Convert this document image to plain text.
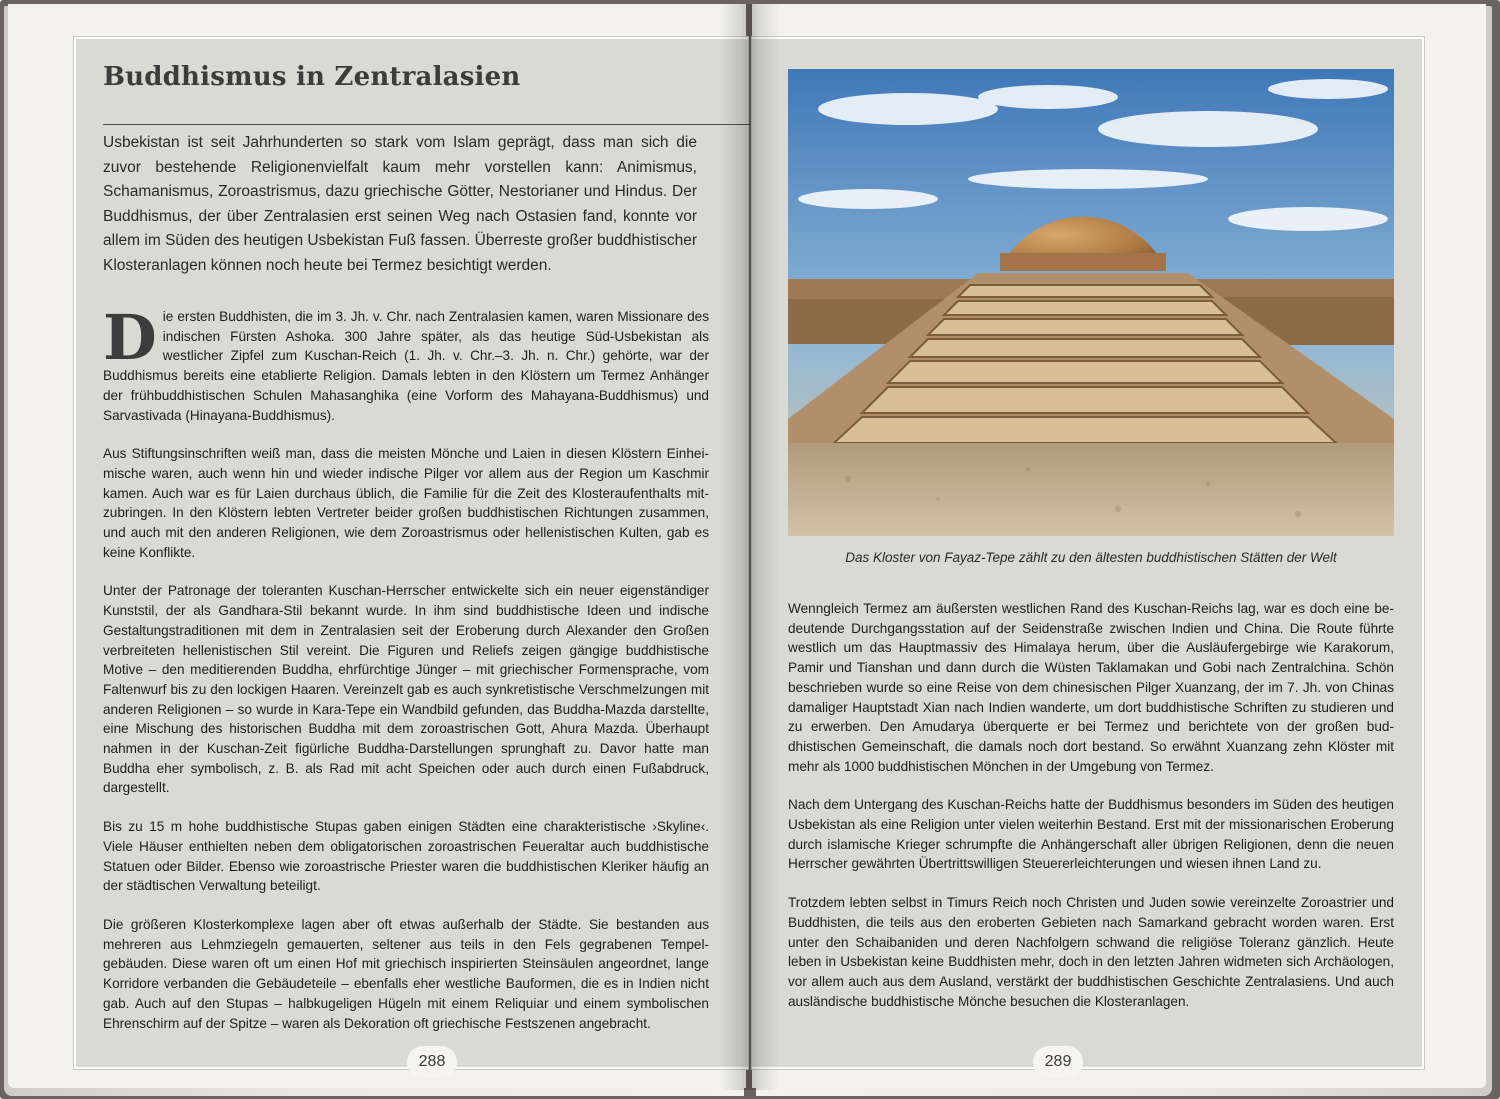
Buddhismus in Zentralasien

Usbekistan ist seit Jahrhunderten so stark vom Islam geprägt, dass man sich die zuvor bestehende Religionenvielfalt kaum mehr vorstellen kann: Animismus, Schamanismus, Zoroastrismus, dazu griechische Götter, Nestorianer und Hindus. Der Buddhismus, der über Zentralasien erst seinen Weg nach Ostasien fand, konnte vor allem im Süden des heutigen Usbekistan Fuß fassen. Überreste großer buddhistischer Klosteranlagen können noch heute bei Termez besichtigt werden.

D ie ersten Buddhisten, die im 3. Jh. v. Chr. nach Zentralasien kamen, waren Missionare des indischen Fürsten Ashoka. 300 Jahre später, als das heutige Süd-Usbekistan als westlicher Zipfel zum Kuschan-Reich (1. Jh. v. Chr.–3. Jh. n. Chr.) gehörte, war der Buddhismus bereits eine etablierte Religion. Damals lebten in den Klöstern um Termez Anhänger der frühbuddhistischen Schulen Mahasanghika (eine Vorform des Mahayana-Buddhismus) und Sarvastivada (Hinayana-Buddhismus).

Aus Stiftungsinschriften weiß man, dass die meisten Mönche und Laien in diesen Klöstern Einheimische waren, auch wenn hin und wieder indische Pilger vor allem aus der Region um Kaschmir kamen. Auch war es für Laien durchaus üblich, die Familie für die Zeit des Klosteraufenthalts mitzubringen. In den Klöstern lebten Vertreter beider großen buddhistischen Richtungen zusammen, und auch mit den anderen Religionen, wie dem Zoroastrismus oder hellenistischen Kulten, gab es keine Konflikte.

Unter der Patronage der toleranten Kuschan-Herrscher entwickelte sich ein neuer eigenständiger Kunststil, der als Gandhara-Stil bekannt wurde. In ihm sind buddhistische Ideen und indische Gestaltungstraditionen mit dem in Zentralasien seit der Eroberung durch Alexander den Großen verbreiteten hellenistischen Stil vereint. Die Figuren und Reliefs zeigen gängige buddhistische Motive – den meditierenden Buddha, ehrfürchtige Jünger – mit griechischer Formensprache, vom Faltenwurf bis zu den lockigen Haaren. Vereinzelt gab es auch synkretistische Verschmelzungen mit anderen Religionen – so wurde in Kara-Tepe ein Wandbild gefunden, das Buddha-Mazda darstellte, eine Mischung des historischen Buddha mit dem zoroastrischen Gott, Ahura Mazda. Überhaupt nahmen in der Kuschan-Zeit figürliche Buddha-Darstellungen sprunghaft zu. Davor hatte man Buddha eher symbolisch, z. B. als Rad mit acht Speichen oder auch durch einen Fußabdruck, dargestellt.

Bis zu 15 m hohe buddhistische Stupas gaben einigen Städten eine charakteristische ›Skyline‹. Viele Häuser enthielten neben dem obligatorischen zoroastrischen Feueraltar auch buddhistische Statuen oder Bilder. Ebenso wie zoroastrische Priester waren die buddhistischen Kleriker häufig an der städtischen Verwaltung beteiligt.

Die größeren Klosterkomplexe lagen aber oft etwas außerhalb der Städte. Sie bestanden aus mehreren aus Lehmziegeln gemauerten, seltener aus teils in den Fels gegrabenen Tempelgebäuden. Diese waren oft um einen Hof mit griechisch inspirierten Steinsäulen angeordnet, lange Korridore verbanden die Gebäudeteile – ebenfalls eher westliche Bauformen, die es in Indien nicht gab. Auch auf den Stupas – halbkugeligen Hügeln mit einem Reliquiar und einem symbolischen Ehrenschirm auf der Spitze – waren als Dekoration oft griechische Festszenen angebracht.

288

Das Kloster von Fayaz-Tepe zählt zu den ältesten buddhistischen Stätten der Welt

Wenngleich Termez am äußersten westlichen Rand des Kuschan-Reichs lag, war es doch eine bedeutende Durchgangsstation auf der Seidenstraße zwischen Indien und China. Die Route führte westlich um das Hauptmassiv des Himalaya herum, über die Ausläufergebirge wie Karakorum, Pamir und Tianshan und dann durch die Wüsten Taklamakan und Gobi nach Zentralchina. Schön beschrieben wurde so eine Reise von dem chinesischen Pilger Xuanzang, der im 7. Jh. von Chinas damaliger Hauptstadt Xian nach Indien wanderte, um dort buddhistische Schriften zu studieren und zu erwerben. Den Amudarya überquerte er bei Termez und berichtete von der großen buddhistischen Gemeinschaft, die damals noch dort bestand. So erwähnt Xuanzang zehn Klöster mit mehr als 1000 buddhistischen Mönchen in der Umgebung von Termez.

Nach dem Untergang des Kuschan-Reichs hatte der Buddhismus besonders im Süden des heutigen Usbekistan als eine Religion unter vielen weiterhin Bestand. Erst mit der missionarischen Eroberung durch islamische Krieger schrumpfte die Anhängerschaft aller übrigen Religionen, denn die neuen Herrscher gewährten Übertrittswilligen Steuererleichterungen und wiesen ihnen Land zu.

Trotzdem lebten selbst in Timurs Reich noch Christen und Juden sowie vereinzelte Zoroastrier und Buddhisten, die teils aus den eroberten Gebieten nach Samarkand gebracht worden waren. Erst unter den Schaibaniden und deren Nachfolgern schwand die religiöse Toleranz gänzlich. Heute leben in Usbekistan keine Buddhisten mehr, doch in den letzten Jahren widmeten sich Archäologen, vor allem auch aus dem Ausland, verstärkt der buddhistischen Geschichte Zentralasiens. Und auch ausländische buddhistische Mönche besuchen die Klosteranlagen.

289
